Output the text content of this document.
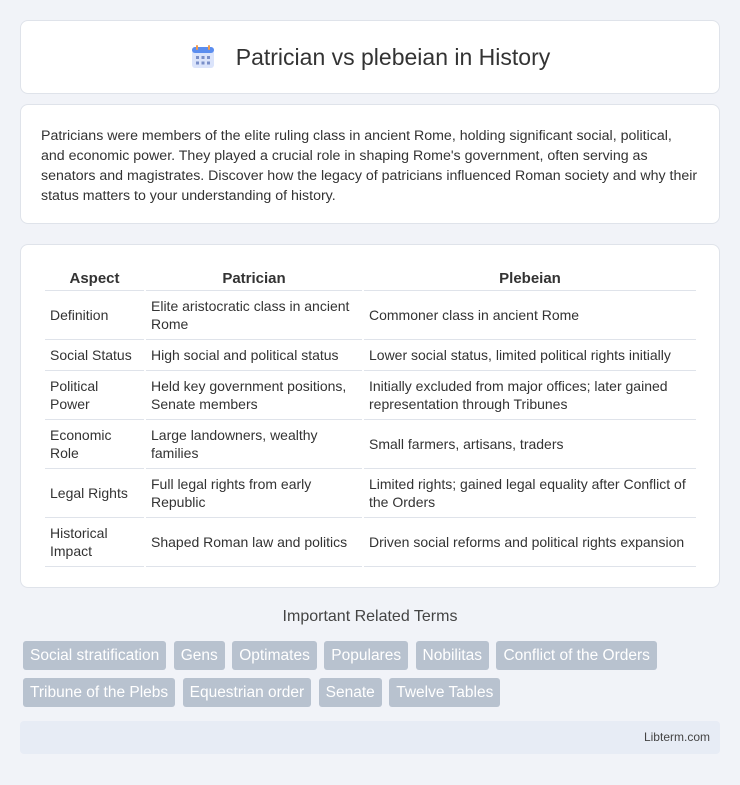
Patrician vs plebeian in History

Patricians were members of the elite ruling class in ancient Rome, holding significant social, political, and economic power. They played a crucial role in shaping Rome's government, often serving as senators and magistrates. Discover how the legacy of patricians influenced Roman society and why their status matters to your understanding of history.

Aspect	Patrician	Plebeian
Definition	Elite aristocratic class in ancient Rome	Commoner class in ancient Rome
Social Status	High social and political status	Lower social status, limited political rights initially
Political Power	Held key government positions, Senate members	Initially excluded from major offices; later gained representation through Tribunes
Economic Role	Large landowners, wealthy families	Small farmers, artisans, traders
Legal Rights	Full legal rights from early Republic	Limited rights; gained legal equality after Conflict of the Orders
Historical Impact	Shaped Roman law and politics	Driven social reforms and political rights expansion
Important Related Terms
Social stratification Gens Optimates Populares Nobilitas Conflict of the Orders Tribune of the Plebs Equestrian order Senate Twelve Tables
Libterm.com
